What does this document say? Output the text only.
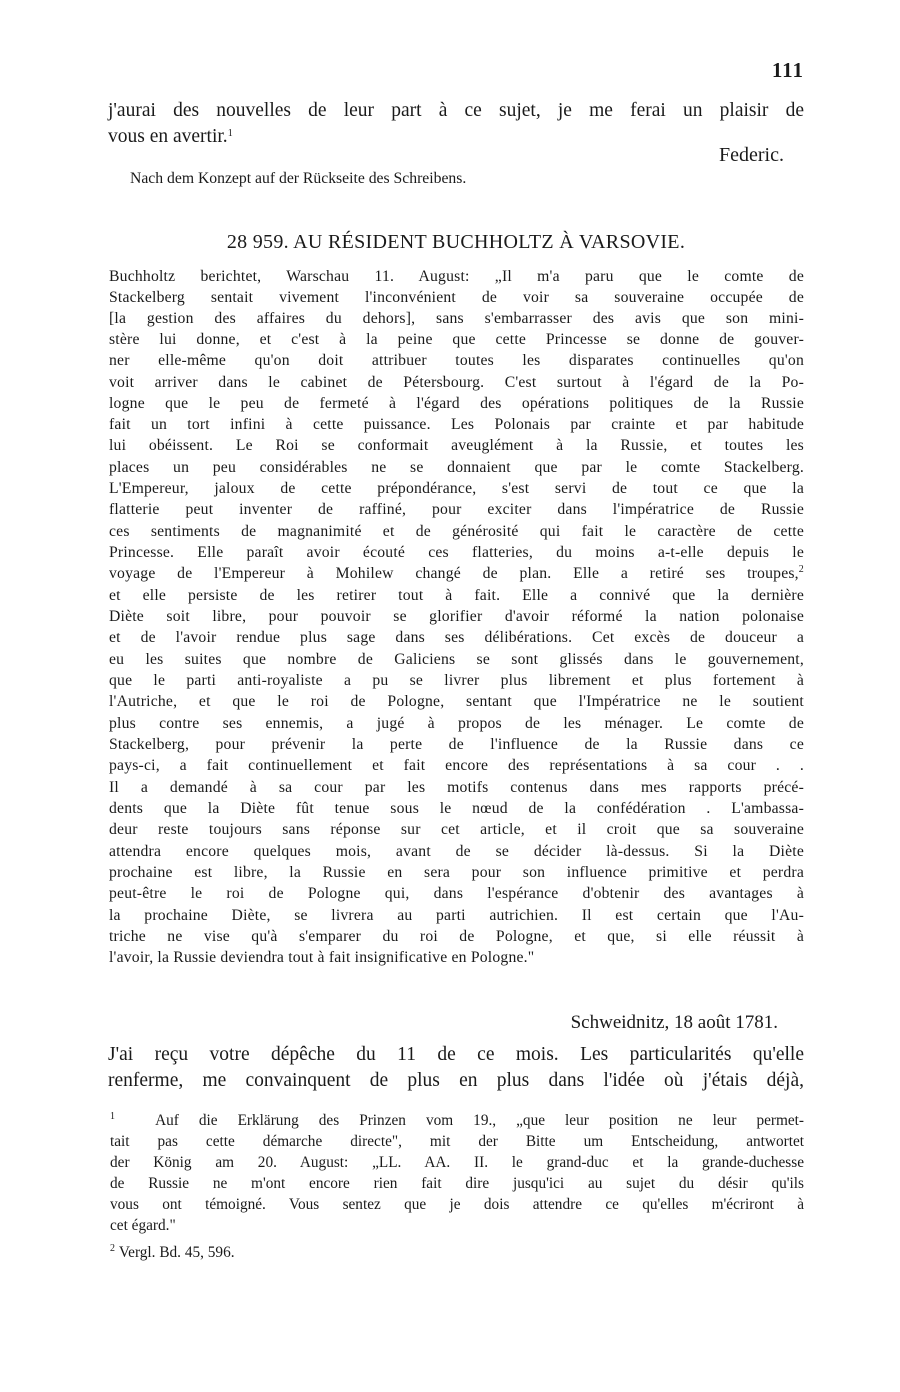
111
j'aurai des nouvelles de leur part à ce sujet, je me ferai un plaisir de
vous en avertir.$^1$
Federic.
Nach dem Konzept auf der Rückseite des Schreibens.
28 959. AU RÉSIDENT BUCHHOLTZ À VARSOVIE.
Buchholtz berichtet, Warschau 11. August: „Il m'a paru que le comte de
Stackelberg sentait vivement l'inconvénient de voir sa souveraine occupée de
[la gestion des affaires du dehors], sans s'embarrasser des avis que son mini-
stère lui donne, et c'est à la peine que cette Princesse se donne de gouver-
ner elle-même qu'on doit attribuer toutes les disparates continuelles qu'on
voit arriver dans le cabinet de Pétersbourg. C'est surtout à l'égard de la Po-
logne que le peu de fermeté à l'égard des opérations politiques de la Russie
fait un tort infini à cette puissance. Les Polonais par crainte et par habitude
lui obéissent. Le Roi se conformait aveuglément à la Russie, et toutes les
places un peu considérables ne se donnaient que par le comte Stackelberg.
L'Empereur, jaloux de cette prépondérance, s'est servi de tout ce que la
flatterie peut inventer de raffiné, pour exciter dans l'impératrice de Russie
ces sentiments de magnanimité et de générosité qui fait le caractère de cette
Princesse. Elle paraît avoir écouté ces flatteries, du moins a-t-elle depuis le
voyage de l'Empereur à Mohilew changé de plan. Elle a retiré ses troupes,$^2$
et elle persiste de les retirer tout à fait. Elle a connivé que la dernière
Diète soit libre, pour pouvoir se glorifier d'avoir réformé la nation polonaise
et de l'avoir rendue plus sage dans ses délibérations. Cet excès de douceur a
eu les suites que nombre de Galiciens se sont glissés dans le gouvernement,
que le parti anti-royaliste a pu se livrer plus librement et plus fortement à
l'Autriche, et que le roi de Pologne, sentant que l'Impératrice ne le soutient
plus contre ses ennemis, a jugé à propos de les ménager. Le comte de
Stackelberg, pour prévenir la perte de l'influence de la Russie dans ce
pays-ci, a fait continuellement et fait encore des représentations à sa cour . .
Il a demandé à sa cour par les motifs contenus dans mes rapports précé-
dents que la Diète fût tenue sous le nœud de la confédération . L'ambassa-
deur reste toujours sans réponse sur cet article, et il croit que sa souveraine
attendra encore quelques mois, avant de se décider là-dessus. Si la Diète
prochaine est libre, la Russie en sera pour son influence primitive et perdra
peut-être le roi de Pologne qui, dans l'espérance d'obtenir des avantages à
la prochaine Diète, se livrera au parti autrichien. Il est certain que l'Au-
triche ne vise qu'à s'emparer du roi de Pologne, et que, si elle réussit à
l'avoir, la Russie deviendra tout à fait insignificative en Pologne."
Schweidnitz, 18 août 1781.
J'ai reçu votre dépêche du 11 de ce mois. Les particularités qu'elle
renferme, me convainquent de plus en plus dans l'idée où j'étais déjà,
$^1$	Auf die Erklärung des Prinzen vom 19., „que leur position ne leur permet-
tait pas cette démarche directe", mit der Bitte um Entscheidung, antwortet
der König am 20. August: „LL. AA. II. le grand-duc et la grande-duchesse
de Russie ne m'ont encore rien fait dire jusqu'ici au sujet du désir qu'ils
vous ont témoigné. Vous sentez que je dois attendre ce qu'elles m'écriront à
cet égard."
$^2$ Vergl. Bd. 45, 596.
